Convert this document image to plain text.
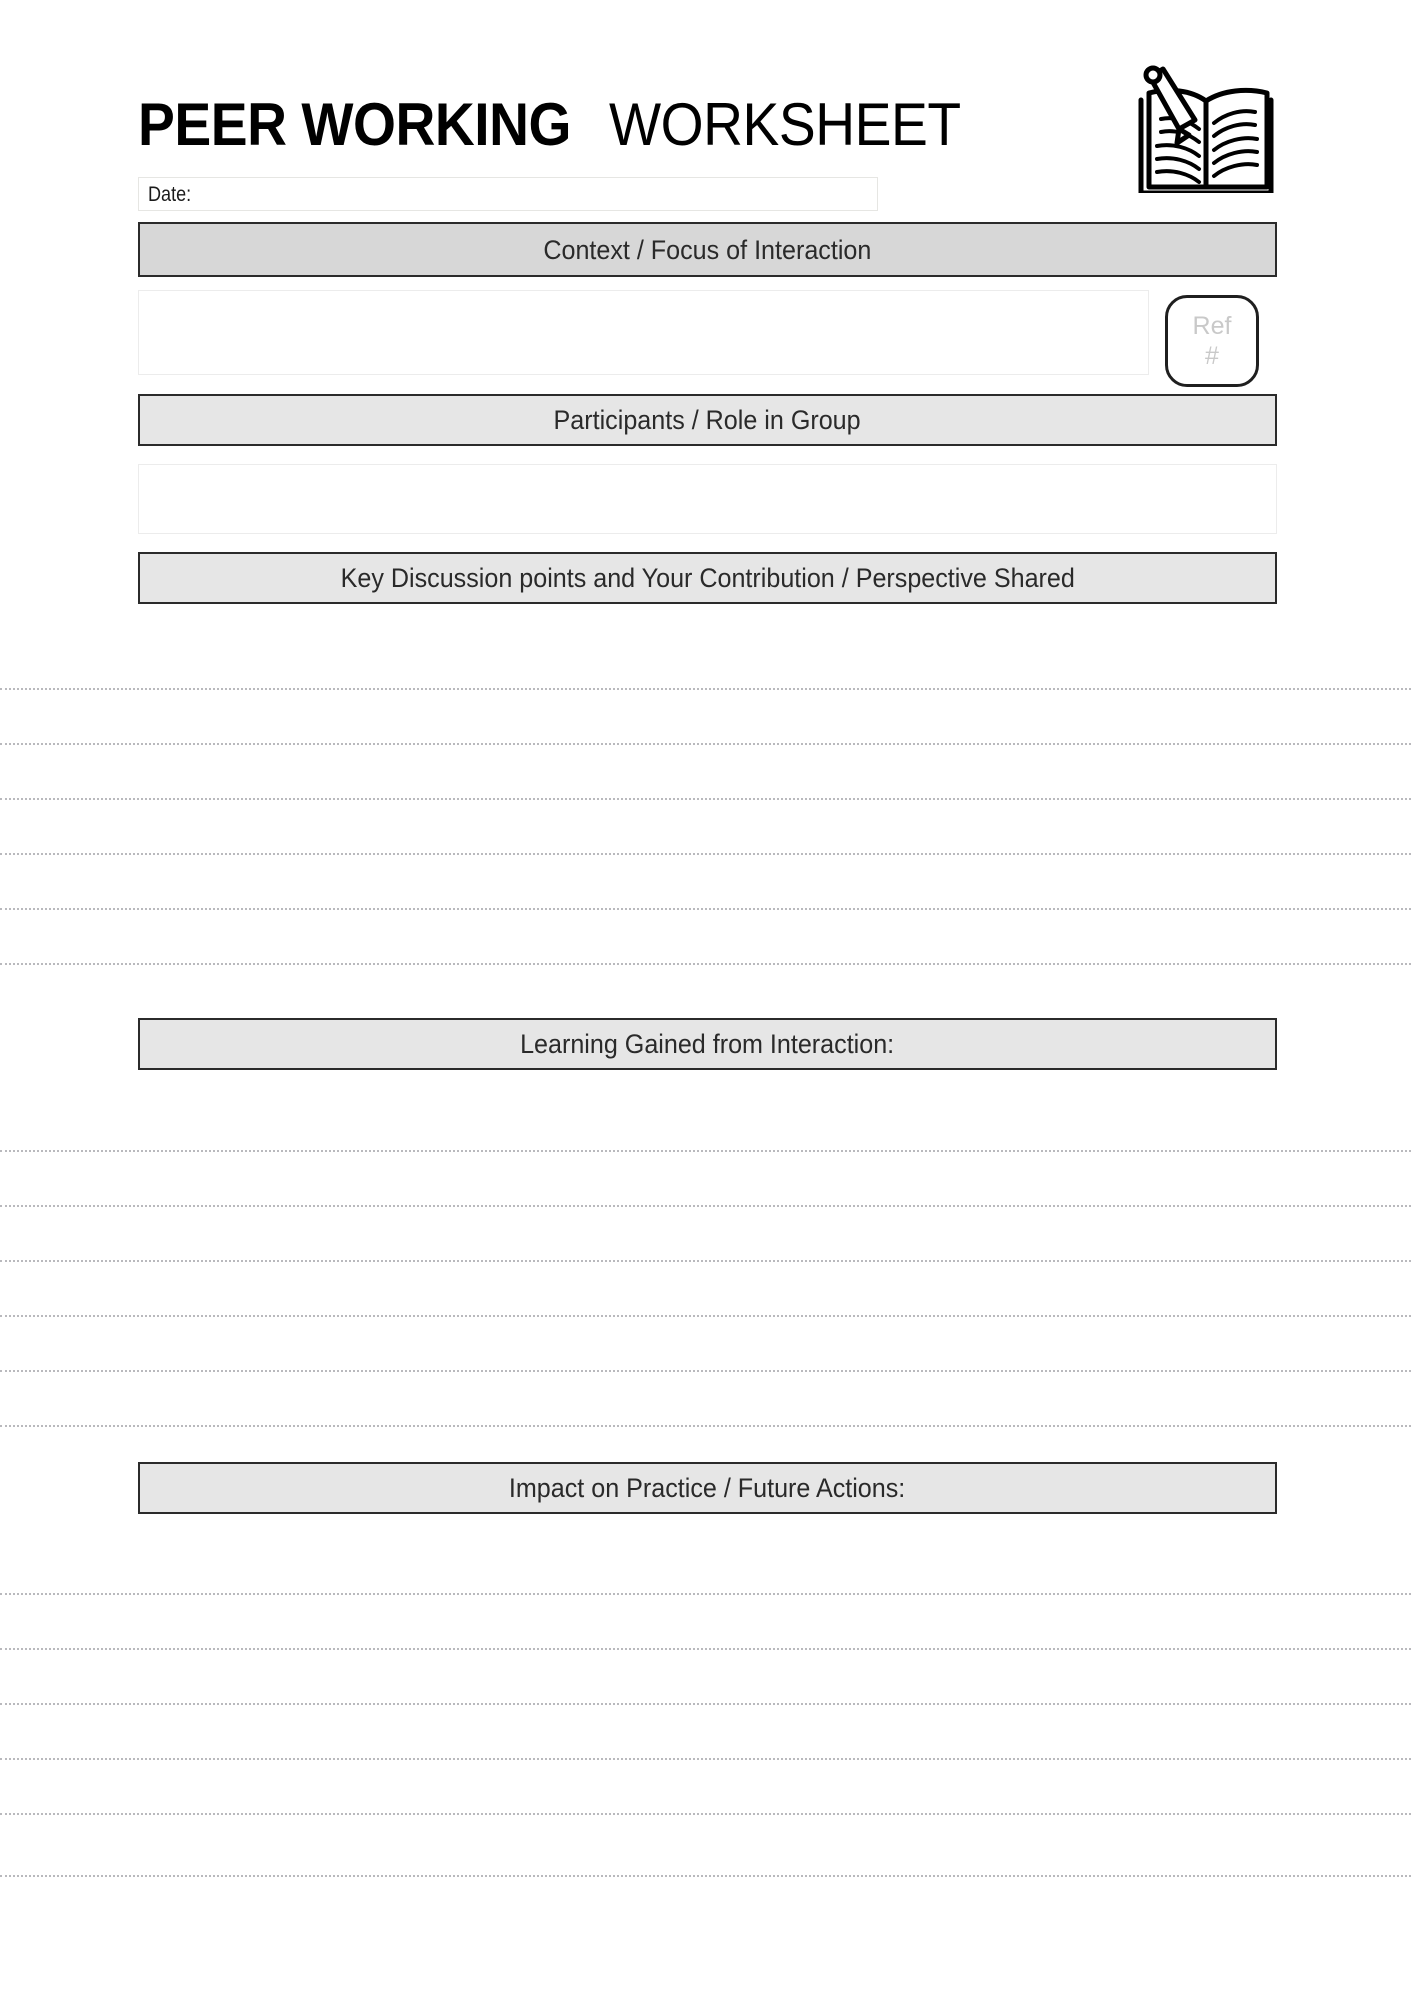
PEER WORKINGWORKSHEET
Date:
Context / Focus of Interaction
Ref
#
Participants / Role in Group
Key Discussion points and Your Contribution / Perspective Shared
Learning Gained from Interaction:
Impact on Practice / Future Actions:
